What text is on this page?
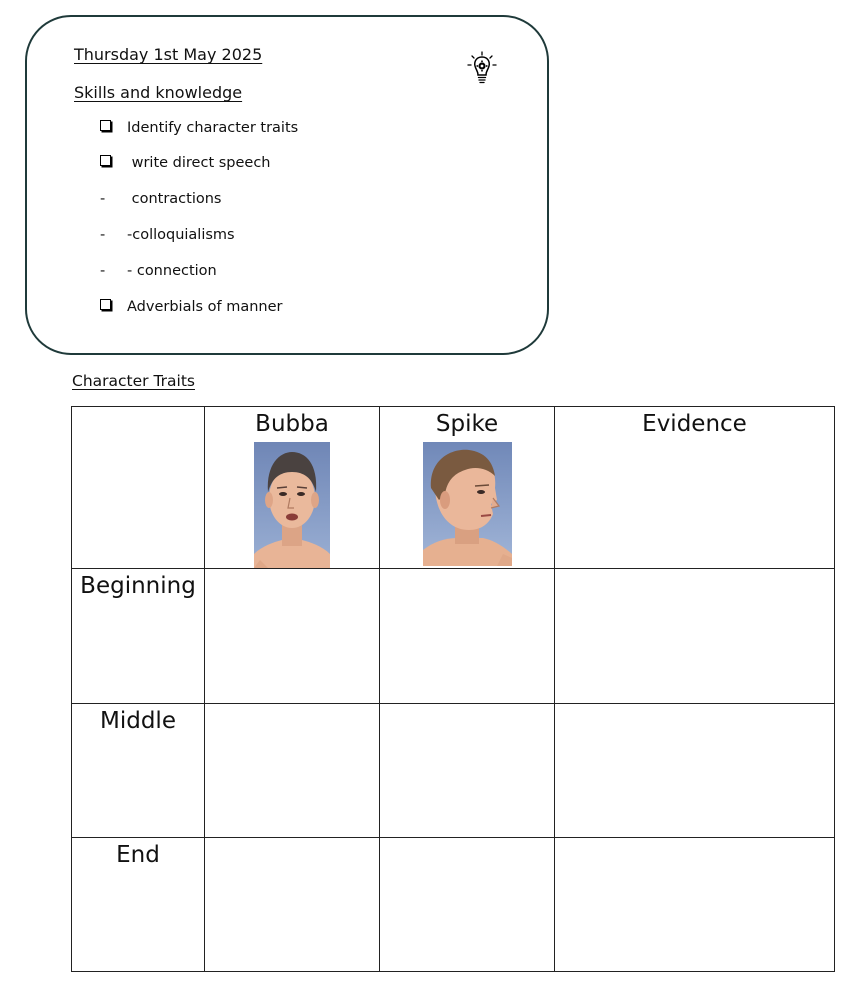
Thursday 1st May 2025
Skills and knowledge
Identify character traits
write direct speech
- contractions
- -colloquialisms
- - connection
Adverbials of manner
Character Traits

	Bubba	Spike	Evidence

Beginning			

Middle			

End			
